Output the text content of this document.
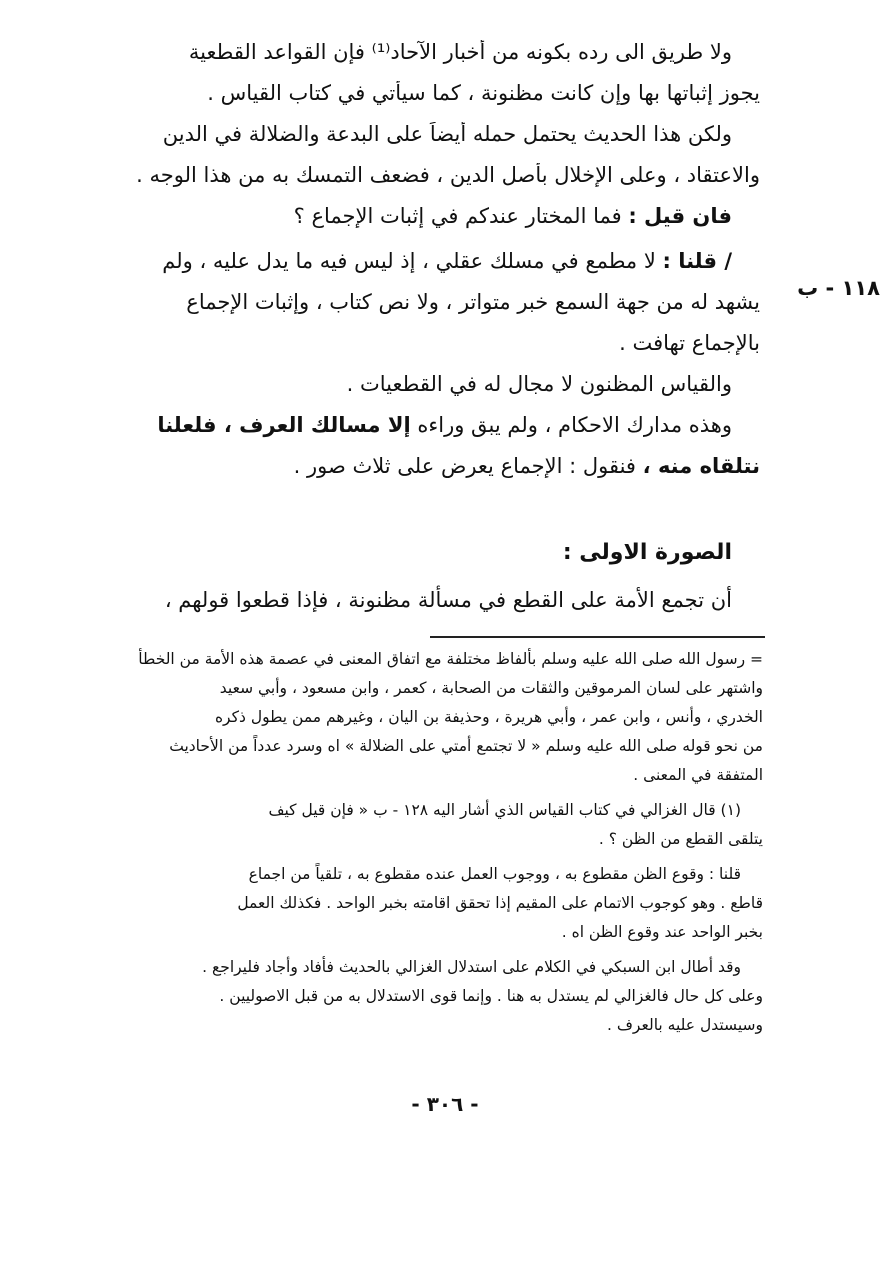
١١٨ - ب
ولا طريق الى رده بكونه من أخبار الآحاد⁽¹⁾ فإن القواعد القطعية
يجوز إثباتها بها وإن كانت مظنونة ، كما سيأتي في كتاب القياس .
ولكن هذا الحديث يحتمل حمله أيضاً على البدعة والضلالة في الدين
والاعتقاد ، وعلى الإخلال بأصل الدين ، فضعف التمسك به من هذا الوجه .
فان قيل : فما المختار عندكم في إثبات الإجماع ؟
/ قلنا : لا مطمع في مسلك عقلي ، إذ ليس فيه ما يدل عليه ، ولم
يشهد له من جهة السمع خبر متواتر ، ولا نص كتاب ، وإثبات الإجماع
بالإجماع تهافت .
والقياس المظنون لا مجال له في القطعيات .
وهذه مدارك الاحكام ، ولم يبق وراءه إلا مسالك العرف ، فلعلنا
نتلقاه منه ، فنقول : الإجماع يعرض على ثلاث صور .
الصورة الاولى :
أن تجمع الأمة على القطع في مسألة مظنونة ، فإذا قطعوا قولهم ،
= رسول الله صلى الله عليه وسلم بألفاظ مختلفة مع اتفاق المعنى في عصمة هذه الأمة من الخطأ
واشتهر على لسان المرموقين والثقات من الصحابة ، كعمر ، وابن مسعود ، وأبي سعيد
الخدري ، وأنس ، وابن عمر ، وأبي هريرة ، وحذيفة بن اليان ، وغيرهم ممن يطول ذكره
من نحو قوله صلى الله عليه وسلم « لا تجتمع أمتي على الضلالة » اه وسرد عدداً من الأحاديث
المتفقة في المعنى .
(١) قال الغزالي في كتاب القياس الذي أشار اليه ١٢٨ - ب « فإن قيل كيف
يتلقى القطع من الظن ؟ .
قلنا : وقوع الظن مقطوع به ، ووجوب العمل عنده مقطوع به ، تلقياً من اجماع
قاطع . وهو كوجوب الاتمام على المقيم إذا تحقق اقامته بخبر الواحد . فكذلك العمل
بخبر الواحد عند وقوع الظن اه .
وقد أطال ابن السبكي في الكلام على استدلال الغزالي بالحديث فأفاد وأجاد فليراجع .
وعلى كل حال فالغزالي لم يستدل به هنا . وإنما قوى الاستدلال به من قبل الاصوليين .
وسيستدل عليه بالعرف .
- ٣٠٦ -
